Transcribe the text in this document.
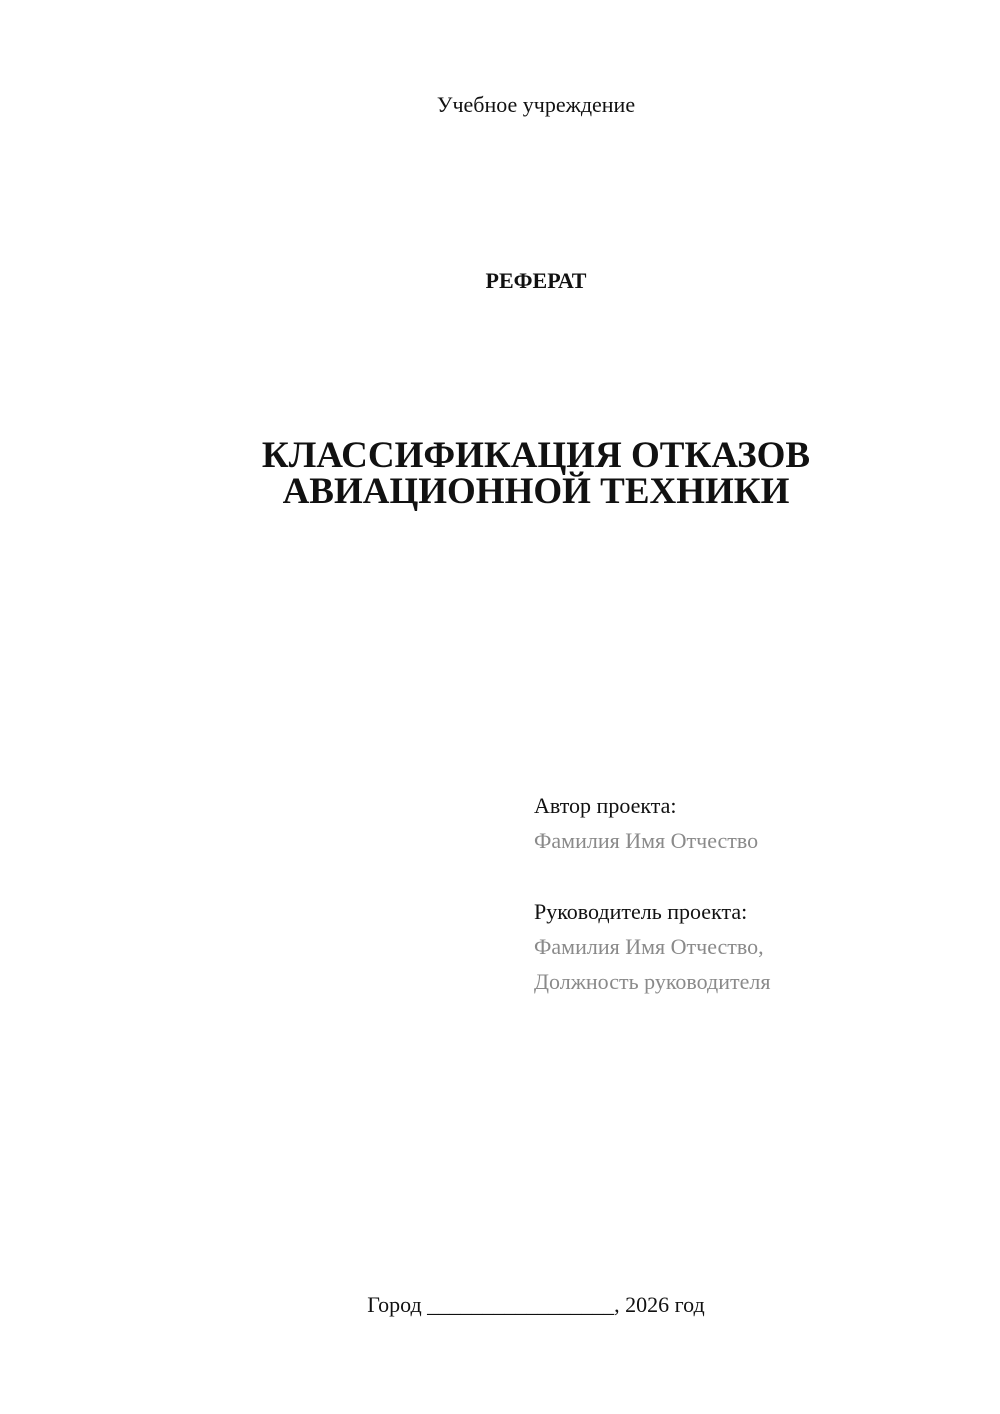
Учебное учреждение
РЕФЕРАТ
КЛАССИФИКАЦИЯ ОТКАЗОВ
АВИАЦИОННОЙ ТЕХНИКИ
Автор проекта:
Фамилия Имя Отчество
Руководитель проекта:
Фамилия Имя Отчество,
Должность руководителя
Город _________________, 2026 год
